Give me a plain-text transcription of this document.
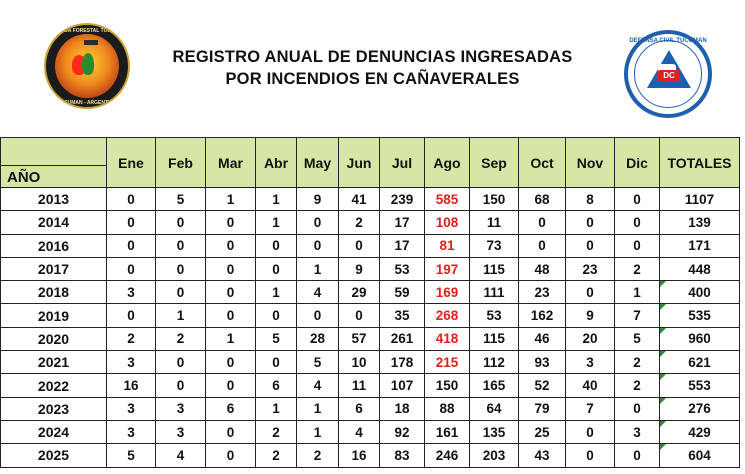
BRIGADA FORESTAL TUCUMAN
TUCUMAN - ARGENTINA
REGISTRO ANUAL DE DENUNCIAS INGRESADAS
POR INCENDIOS EN CAÑAVERALES	DC
DEFENSA CIVIL TUCUMAN
AÑO	Ene	Feb	Mar	Abr	May	Jun	Jul	Ago	Sep	Oct	Nov	Dic	TOTALES
2013	0	5	1	1	9	41	239	585	150	68	8	0	1107
2014	0	0	0	1	0	2	17	108	11	0	0	0	139
2016	0	0	0	0	0	0	17	81	73	0	0	0	171
2017	0	0	0	0	1	9	53	197	115	48	23	2	448
2018	3	0	0	1	4	29	59	169	111	23	0	1	400
2019	0	1	0	0	0	0	35	268	53	162	9	7	535
2020	2	2	1	5	28	57	261	418	115	46	20	5	960
2021	3	0	0	0	5	10	178	215	112	93	3	2	621
2022	16	0	0	6	4	11	107	150	165	52	40	2	553
2023	3	3	6	1	1	6	18	88	64	79	7	0	276
2024	3	3	0	2	1	4	92	161	135	25	0	3	429
2025	5	4	0	2	2	16	83	246	203	43	0	0	604
